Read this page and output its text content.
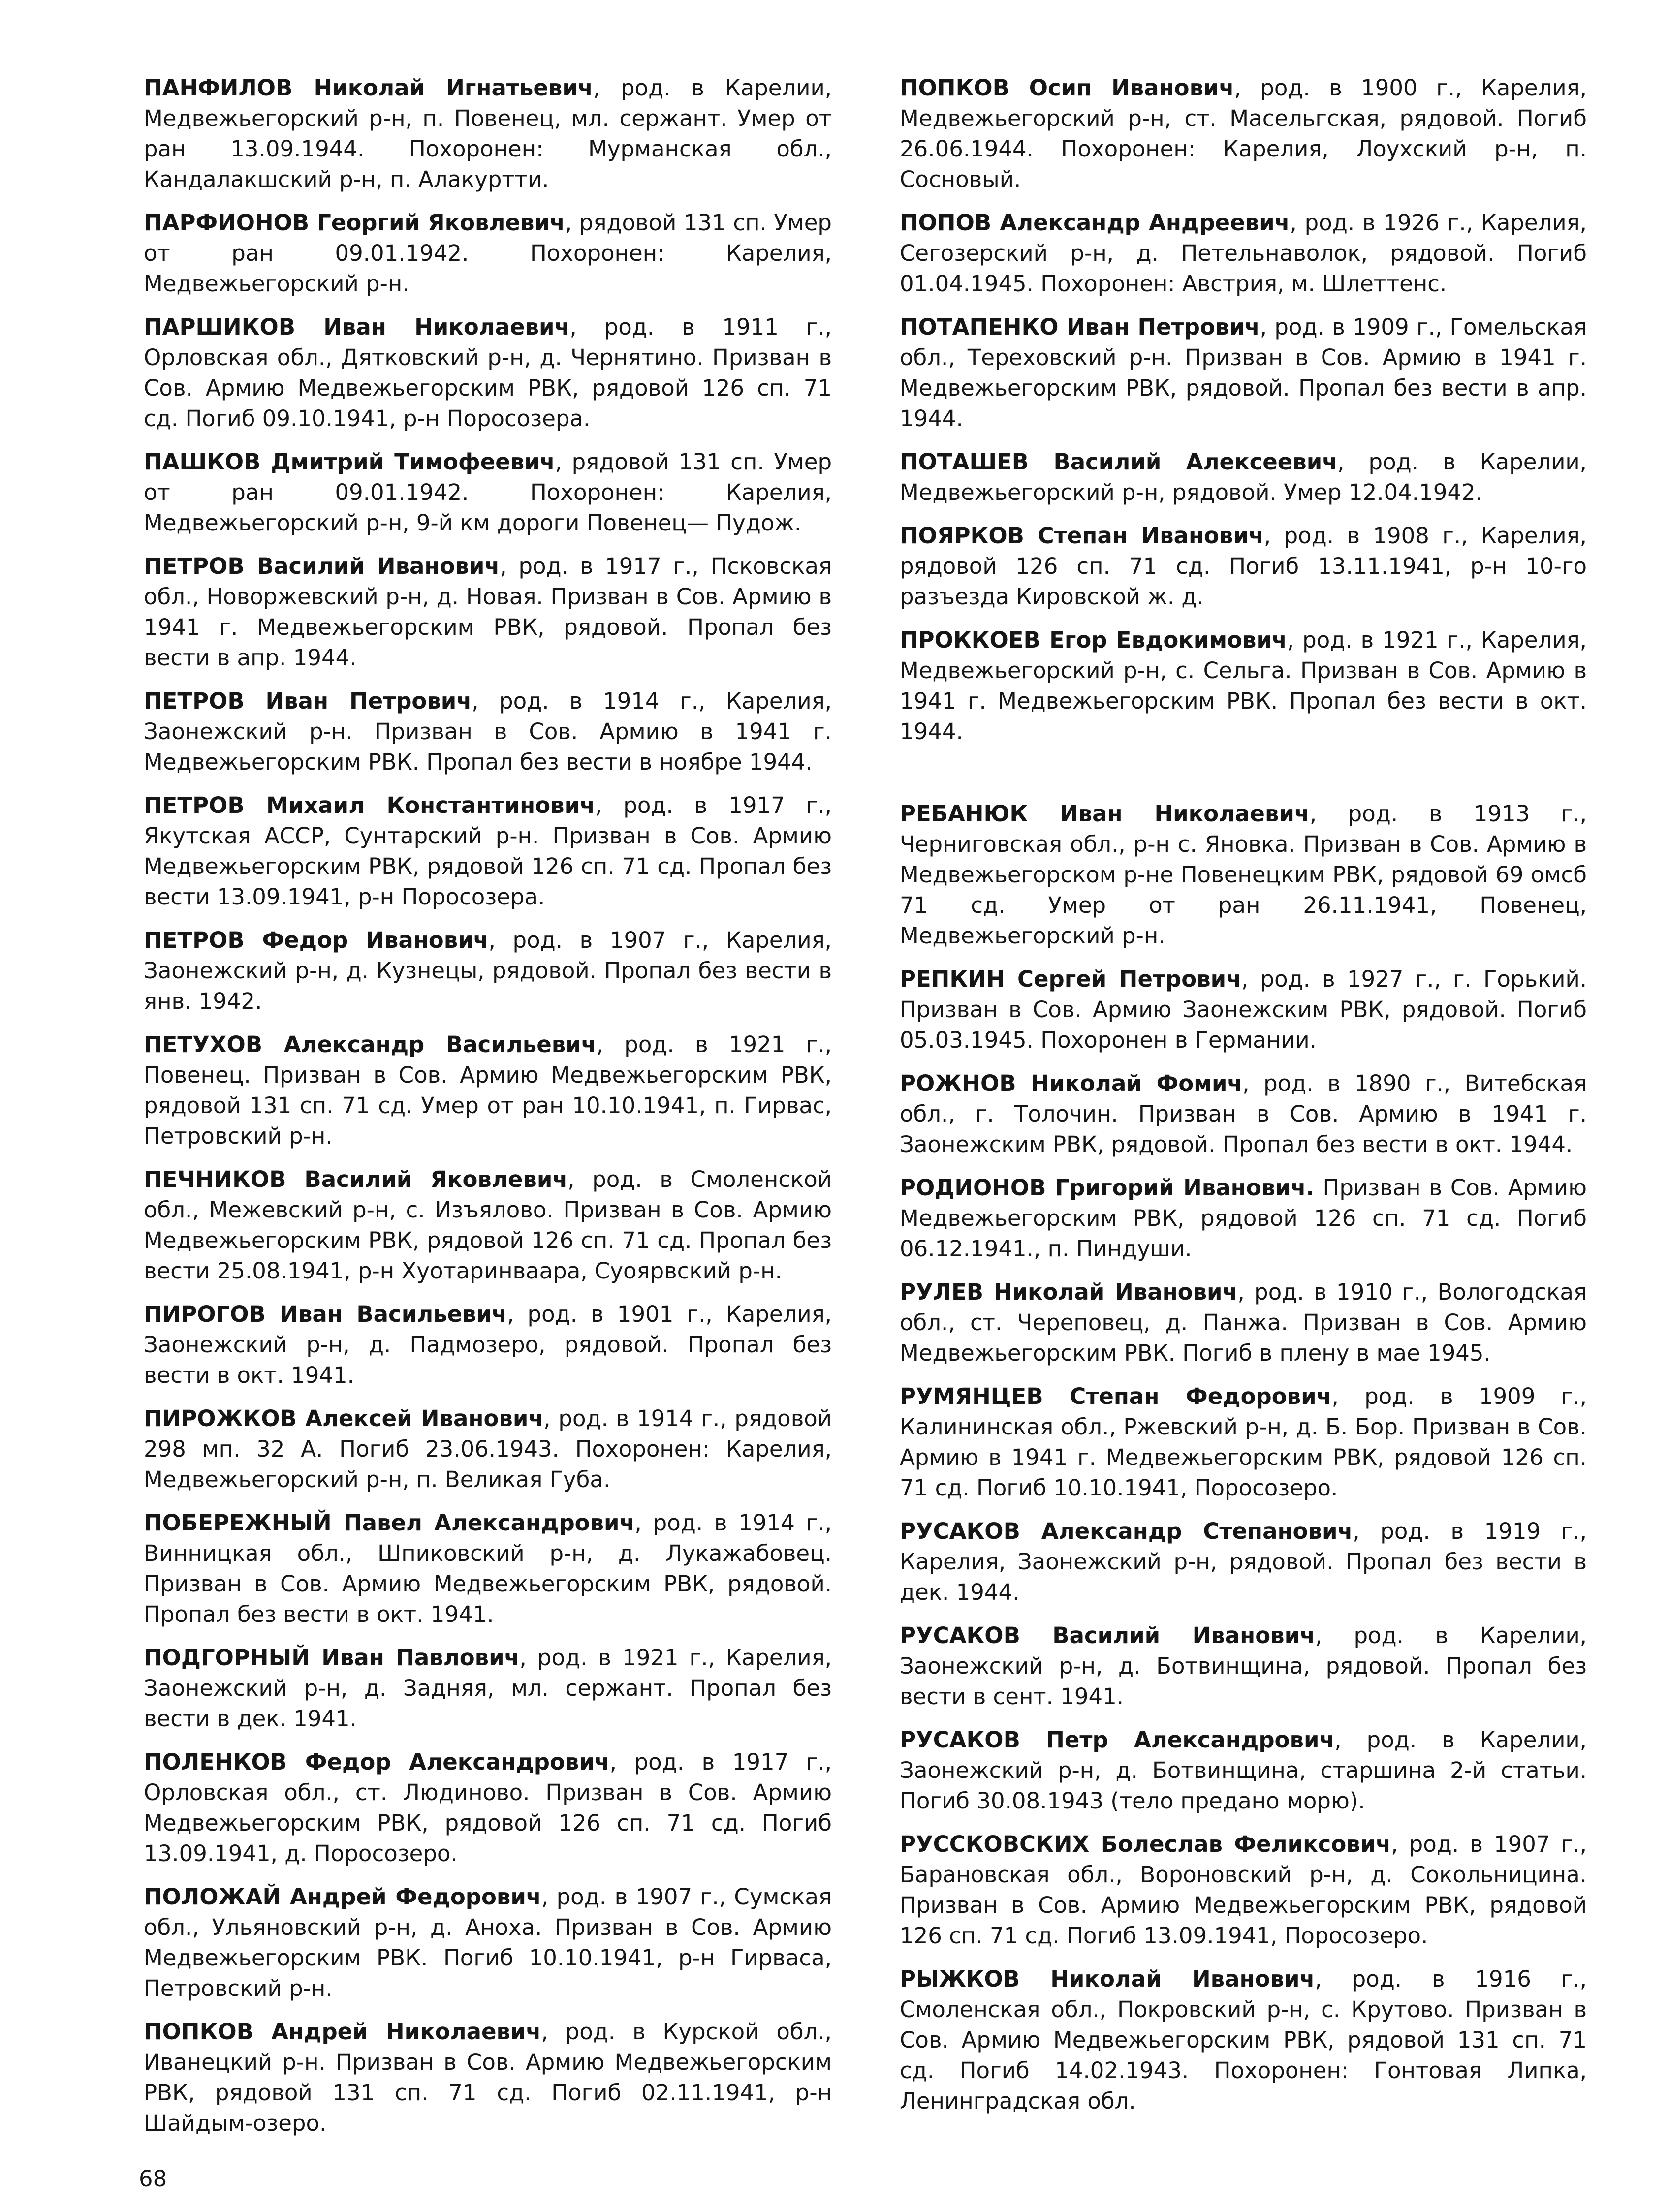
ПАНФИЛОВ Николай Игнатьевич, род. в Карелии, Медвежьегорский р-н, п. Повенец, мл. сержант. Умер от ран 13.09.1944. Похоронен: Мурманская обл., Кандалакшский р-н, п. Алакуртти.

ПАРФИОНОВ Георгий Яковлевич, рядовой 131 сп. Умер от ран 09.01.1942. Похоронен: Карелия, Медвежьегорский р-н.

ПАРШИКОВ Иван Николаевич, род. в 1911 г., Орловская обл., Дятковский р-н, д. Чернятино. Призван в Сов. Армию Медвежьегорским РВК, рядовой 126 сп. 71 сд. Погиб 09.10.1941, р-н Поросозера.

ПАШКОВ Дмитрий Тимофеевич, рядовой 131 сп. Умер от ран 09.01.1942. Похоронен: Карелия, Медвежьегорский р-н, 9-й км дороги Повенец— Пудож.

ПЕТРОВ Василий Иванович, род. в 1917 г., Псковская обл., Новоржевский р-н, д. Новая. Призван в Сов. Армию в 1941 г. Медвежьегорским РВК, рядовой. Пропал без вести в апр. 1944.

ПЕТРОВ Иван Петрович, род. в 1914 г., Карелия, Заонежский р-н. Призван в Сов. Армию в 1941 г. Медвежьегорским РВК. Пропал без вести в ноябре 1944.

ПЕТРОВ Михаил Константинович, род. в 1917 г., Якутская АССР, Сунтарский р-н. Призван в Сов. Армию Медвежьегорским РВК, рядовой 126 сп. 71 сд. Пропал без вести 13.09.1941, р-н Поросозера.

ПЕТРОВ Федор Иванович, род. в 1907 г., Карелия, Заонежский р-н, д. Кузнецы, рядовой. Пропал без вести в янв. 1942.

ПЕТУХОВ Александр Васильевич, род. в 1921 г., Повенец. Призван в Сов. Армию Медвежьегорским РВК, рядовой 131 сп. 71 сд. Умер от ран 10.10.1941, п. Гирвас, Петровский р-н.

ПЕЧНИКОВ Василий Яковлевич, род. в Смоленской обл., Межевский р-н, с. Изъялово. Призван в Сов. Армию Медвежьегорским РВК, рядовой 126 сп. 71 сд. Пропал без вести 25.08.1941, р-н Хуотаринваара, Суоярвский р-н.

ПИРОГОВ Иван Васильевич, род. в 1901 г., Карелия, Заонежский р-н, д. Падмозеро, рядовой. Пропал без вести в окт. 1941.

ПИРОЖКОВ Алексей Иванович, род. в 1914 г., рядовой 298 мп. 32 А. Погиб 23.06.1943. Похоронен: Карелия, Медвежьегорский р-н, п. Великая Губа.

ПОБЕРЕЖНЫЙ Павел Александрович, род. в 1914 г., Винницкая обл., Шпиковский р-н, д. Лукажабовец. Призван в Сов. Армию Медвежьегорским РВК, рядовой. Пропал без вести в окт. 1941.

ПОДГОРНЫЙ Иван Павлович, род. в 1921 г., Карелия, Заонежский р-н, д. Задняя, мл. сержант. Пропал без вести в дек. 1941.

ПОЛЕНКОВ Федор Александрович, род. в 1917 г., Орловская обл., ст. Людиново. Призван в Сов. Армию Медвежьегорским РВК, рядовой 126 сп. 71 сд. Погиб 13.09.1941, д. Поросозеро.

ПОЛОЖАЙ Андрей Федорович, род. в 1907 г., Сумская обл., Ульяновский р-н, д. Аноха. Призван в Сов. Армию Медвежьегорским РВК. Погиб 10.10.1941, р-н Гирваса, Петровский р-н.

ПОПКОВ Андрей Николаевич, род. в Курской обл., Иванецкий р-н. Призван в Сов. Армию Медвежьегорским РВК, рядовой 131 сп. 71 сд. Погиб 02.11.1941, р-н Шайдым-озеро.

ПОПКОВ Осип Иванович, род. в 1900 г., Карелия, Медвежьегорский р-н, ст. Масельгская, рядовой. Погиб 26.06.1944. Похоронен: Карелия, Лоухский р-н, п. Сосновый.

ПОПОВ Александр Андреевич, род. в 1926 г., Карелия, Сегозерский р-н, д. Петельнаволок, рядовой. Погиб 01.04.1945. Похоронен: Австрия, м. Шлеттенс.

ПОТАПЕНКО Иван Петрович, род. в 1909 г., Гомельская обл., Тереховский р-н. Призван в Сов. Армию в 1941 г. Медвежьегорским РВК, рядовой. Пропал без вести в апр. 1944.

ПОТАШЕВ Василий Алексеевич, род. в Карелии, Медвежьегорский р-н, рядовой. Умер 12.04.1942.

ПОЯРКОВ Степан Иванович, род. в 1908 г., Карелия, рядовой 126 сп. 71 сд. Погиб 13.11.1941, р-н 10-го разъезда Кировской ж. д.

ПРОККОЕВ Егор Евдокимович, род. в 1921 г., Карелия, Медвежьегорский р-н, с. Сельга. Призван в Сов. Армию в 1941 г. Медвежьегорским РВК. Пропал без вести в окт. 1944.

РЕБАНЮК Иван Николаевич, род. в 1913 г., Черниговская обл., р-н с. Яновка. Призван в Сов. Армию в Медвежьегорском р-не Повенецким РВК, рядовой 69 омсб 71 сд. Умер от ран 26.11.1941, Повенец, Медвежьегорский р-н.

РЕПКИН Сергей Петрович, род. в 1927 г., г. Горький. Призван в Сов. Армию Заонежским РВК, рядовой. Погиб 05.03.1945. Похоронен в Германии.

РОЖНОВ Николай Фомич, род. в 1890 г., Витебская обл., г. Толочин. Призван в Сов. Армию в 1941 г. Заонежским РВК, рядовой. Пропал без вести в окт. 1944.

РОДИОНОВ Григорий Иванович. Призван в Сов. Армию Медвежьегорским РВК, рядовой 126 сп. 71 сд. Погиб 06.12.1941., п. Пиндуши.

РУЛЕВ Николай Иванович, род. в 1910 г., Вологодская обл., ст. Череповец, д. Панжа. Призван в Сов. Армию Медвежьегорским РВК. Погиб в плену в мае 1945.

РУМЯНЦЕВ Степан Федорович, род. в 1909 г., Калининская обл., Ржевский р-н, д. Б. Бор. Призван в Сов. Армию в 1941 г. Медвежьегорским РВК, рядовой 126 сп. 71 сд. Погиб 10.10.1941, Поросозеро.

РУСАКОВ Александр Степанович, род. в 1919 г., Карелия, Заонежский р-н, рядовой. Пропал без вести в дек. 1944.

РУСАКОВ Василий Иванович, род. в Карелии, Заонежский р-н, д. Ботвинщина, рядовой. Пропал без вести в сент. 1941.

РУСАКОВ Петр Александрович, род. в Карелии, Заонежский р-н, д. Ботвинщина, старшина 2-й статьи. Погиб 30.08.1943 (тело предано морю).

РУССКОВСКИХ Болеслав Феликсович, род. в 1907 г., Барановская обл., Вороновский р-н, д. Сокольницина. Призван в Сов. Армию Медвежьегорским РВК, рядовой 126 сп. 71 сд. Погиб 13.09.1941, Поросозеро.

РЫЖКОВ Николай Иванович, род. в 1916 г., Смоленская обл., Покровский р-н, с. Крутово. Призван в Сов. Армию Медвежьегорским РВК, рядовой 131 сп. 71 сд. Погиб 14.02.1943. Похоронен: Гонтовая Липка, Ленинградская обл.

68
